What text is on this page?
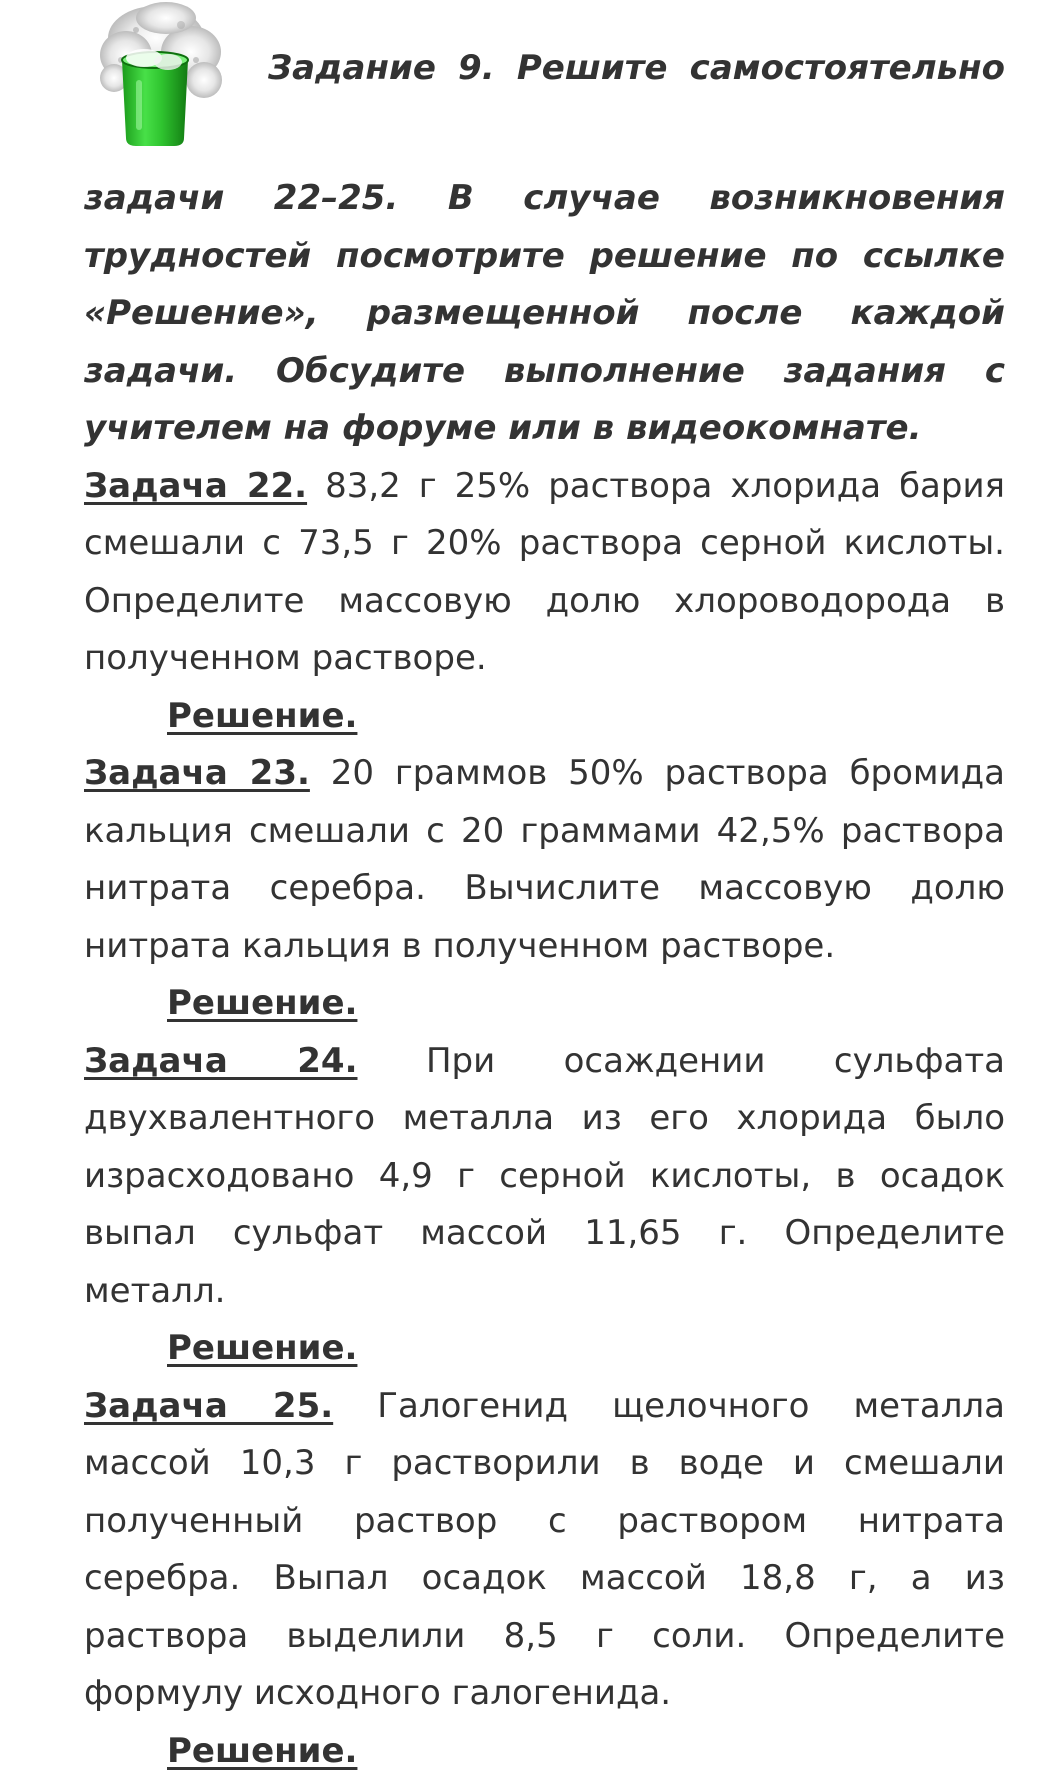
Задание 9. Решите самостоятельно

задачи 22–25. В случае возникновения трудностей посмотрите решение по ссылке «Решение», размещенной после каждой задачи. Обсудите выполнение задания с учителем на форуме или в видеокомнате.

Задача 22. 83,2 г 25% раствора хлорида бария смешали с 73,5 г 20% раствора серной кислоты. Определите массовую долю хлороводорода в полученном растворе.

Решение.

Задача 23. 20 граммов 50% раствора бромида кальция смешали с 20 граммами 42,5% раствора нитрата серебра. Вычислите массовую долю нитрата кальция в полученном растворе.

Решение.

Задача 24. При осаждении сульфата двухвалентного металла из его хлорида было израсходовано 4,9 г серной кислоты, в осадок выпал сульфат массой 11,65 г. Определите металл.

Решение.

Задача 25. Галогенид щелочного металла массой 10,3 г растворили в воде и смешали полученный раствор с раствором нитрата серебра. Выпал осадок массой 18,8 г, а из раствора выделили 8,5 г соли. Определите формулу исходного галогенида.

Решение.
